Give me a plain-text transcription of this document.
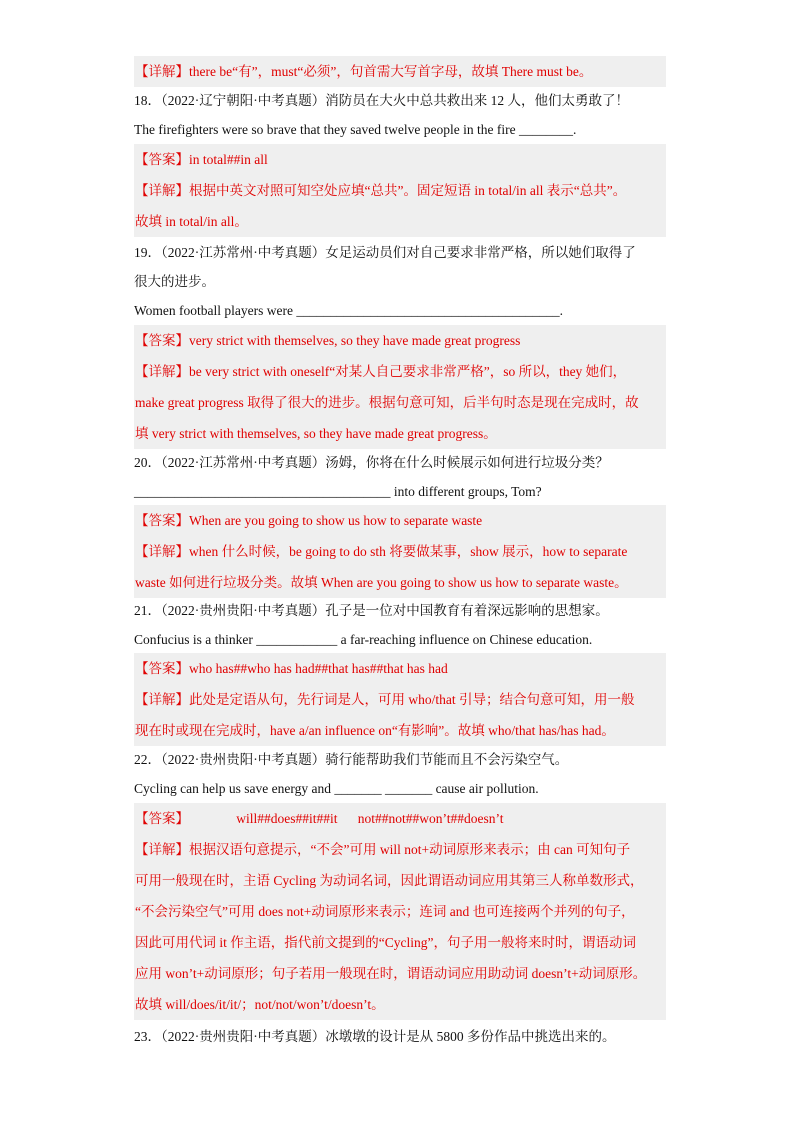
【详解】there be“有”，must“必须”，句首需大写首字母，故填 There must be。
18．（2022·辽宁朝阳·中考真题）消防员在大火中总共救出来 12 人，他们太勇敢了！
The firefighters were so brave that they saved twelve people in the fire ________.
【答案】in total##in all
【详解】根据中英文对照可知空处应填“总共”。固定短语 in total/in all 表示“总共”。
故填 in total/in all。
19．（2022·江苏常州·中考真题）女足运动员们对自己要求非常严格，所以她们取得了
很大的进步。
Women football players were _______________________________________.
【答案】very strict with themselves, so they have made great progress
【详解】be very strict with oneself“对某人自己要求非常严格”，so 所以，they 她们，
make great progress 取得了很大的进步。根据句意可知，后半句时态是现在完成时，故
填 very strict with themselves, so they have made great progress。
20．（2022·江苏常州·中考真题）汤姆，你将在什么时候展示如何进行垃圾分类？
______________________________________ into different groups, Tom?
【答案】When are you going to show us how to separate waste
【详解】when 什么时候，be going to do sth 将要做某事，show 展示，how to separate
waste 如何进行垃圾分类。故填 When are you going to show us how to separate waste。
21．（2022·贵州贵阳·中考真题）孔子是一位对中国教育有着深远影响的思想家。
Confucius is a thinker ____________ a far-reaching influence on Chinese education.
【答案】who has##who has had##that has##that has had
【详解】此处是定语从句，先行词是人，可用 who/that 引导；结合句意可知，用一般
现在时或现在完成时，have a/an influence on“有影响”。故填 who/that has/has had。
22．（2022·贵州贵阳·中考真题）骑行能帮助我们节能而且不会污染空气。
Cycling can help us save energy and _______ _______ cause air pollution.
【答案】              will##does##it##it      not##not##won’t##doesn’t
【详解】根据汉语句意提示，“不会”可用 will not+动词原形来表示；由 can 可知句子
可用一般现在时，主语 Cycling 为动词名词，因此谓语动词应用其第三人称单数形式，
“不会污染空气”可用 does not+动词原形来表示；连词 and 也可连接两个并列的句子，
因此可用代词 it 作主语，指代前文提到的“Cycling”，句子用一般将来时时，谓语动词
应用 won’t+动词原形；句子若用一般现在时，谓语动词应用助动词 doesn’t+动词原形。
故填 will/does/it/it/；not/not/won’t/doesn’t。
23．（2022·贵州贵阳·中考真题）冰墩墩的设计是从 5800 多份作品中挑选出来的。
